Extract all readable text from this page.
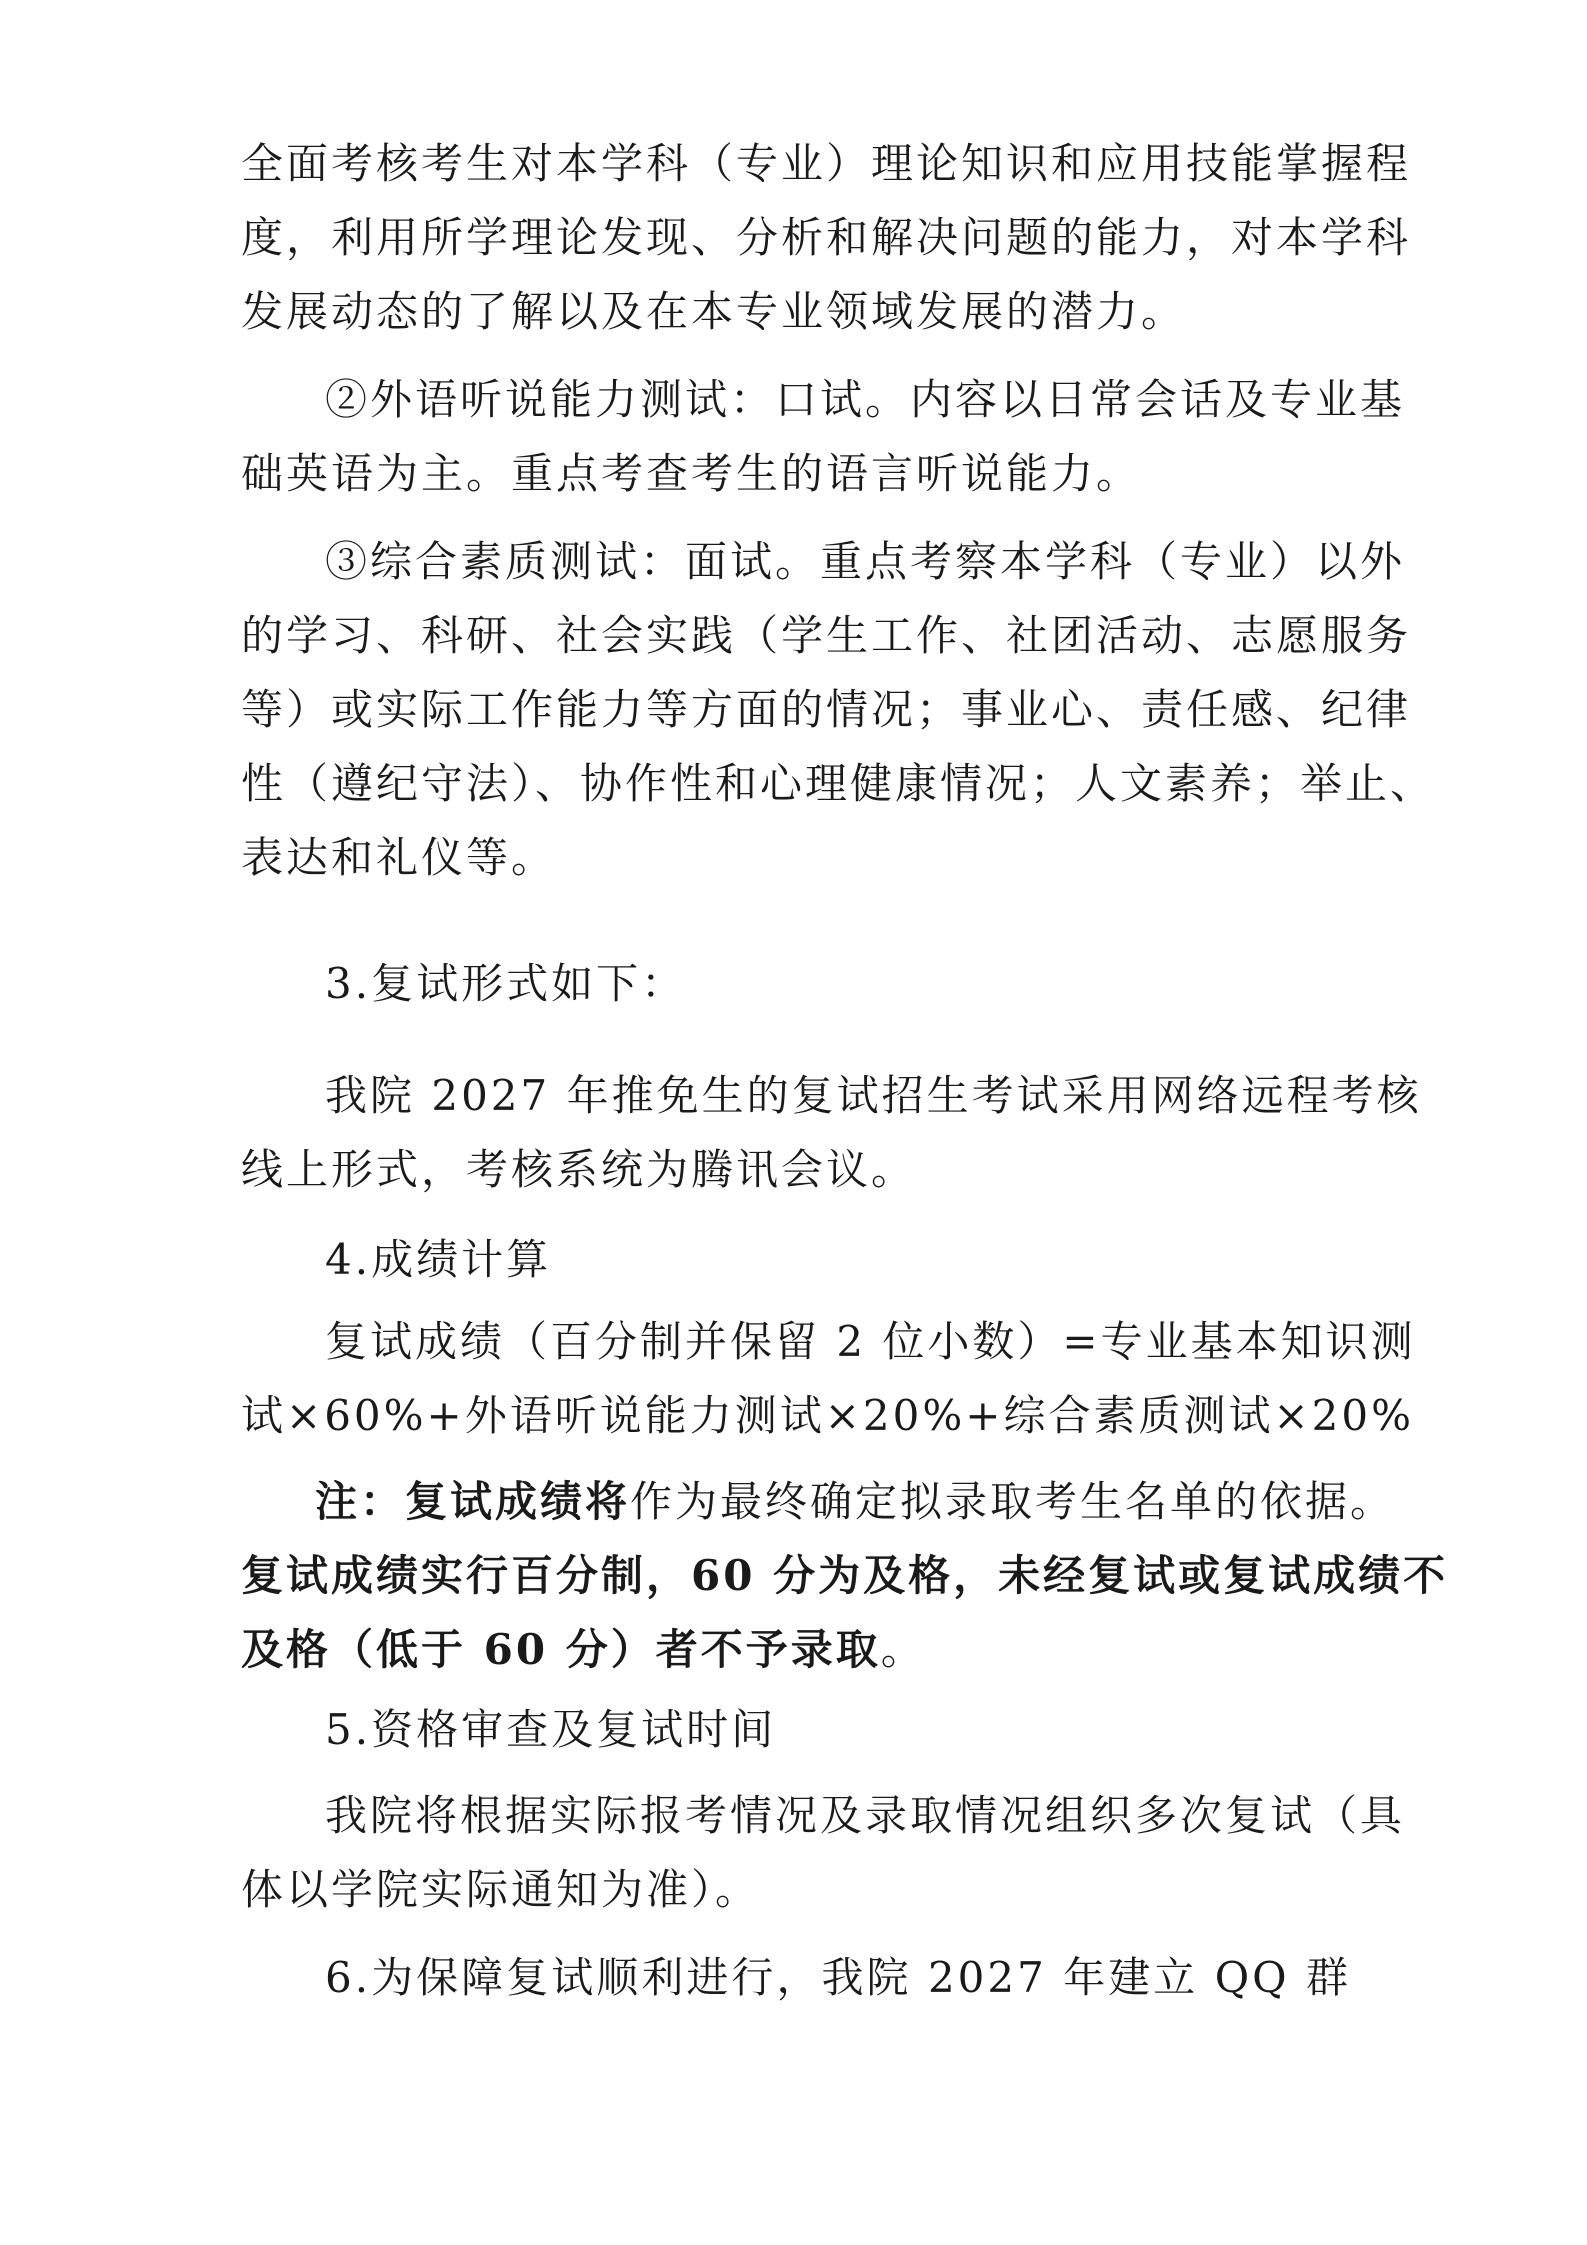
全面考核考生对本学科（专业）理论知识和应用技能掌握程
度，利用所学理论发现、分析和解决问题的能力，对本学科
发展动态的了解以及在本专业领域发展的潜力。
②外语听说能力测试：口试。内容以日常会话及专业基
础英语为主。重点考查考生的语言听说能力。
③综合素质测试：面试。重点考察本学科（专业）以外
的学习、科研、社会实践（学生工作、社团活动、志愿服务
等）或实际工作能力等方面的情况；事业心、责任感、纪律
性（遵纪守法）、协作性和心理健康情况；人文素养；举止、
表达和礼仪等。
3.复试形式如下：
我院 2027 年推免生的复试招生考试采用网络远程考核
线上形式，考核系统为腾讯会议。
4.成绩计算
复试成绩（百分制并保留 2 位小数）=专业基本知识测
试×60%+外语听说能力测试×20%+综合素质测试×20%
注：复试成绩将作为最终确定拟录取考生名单的依据。
复试成绩实行百分制，60 分为及格，未经复试或复试成绩不
及格（低于 60 分）者不予录取。
5.资格审查及复试时间
我院将根据实际报考情况及录取情况组织多次复试（具
体以学院实际通知为准）。
6.为保障复试顺利进行，我院 2027 年建立 QQ 群
